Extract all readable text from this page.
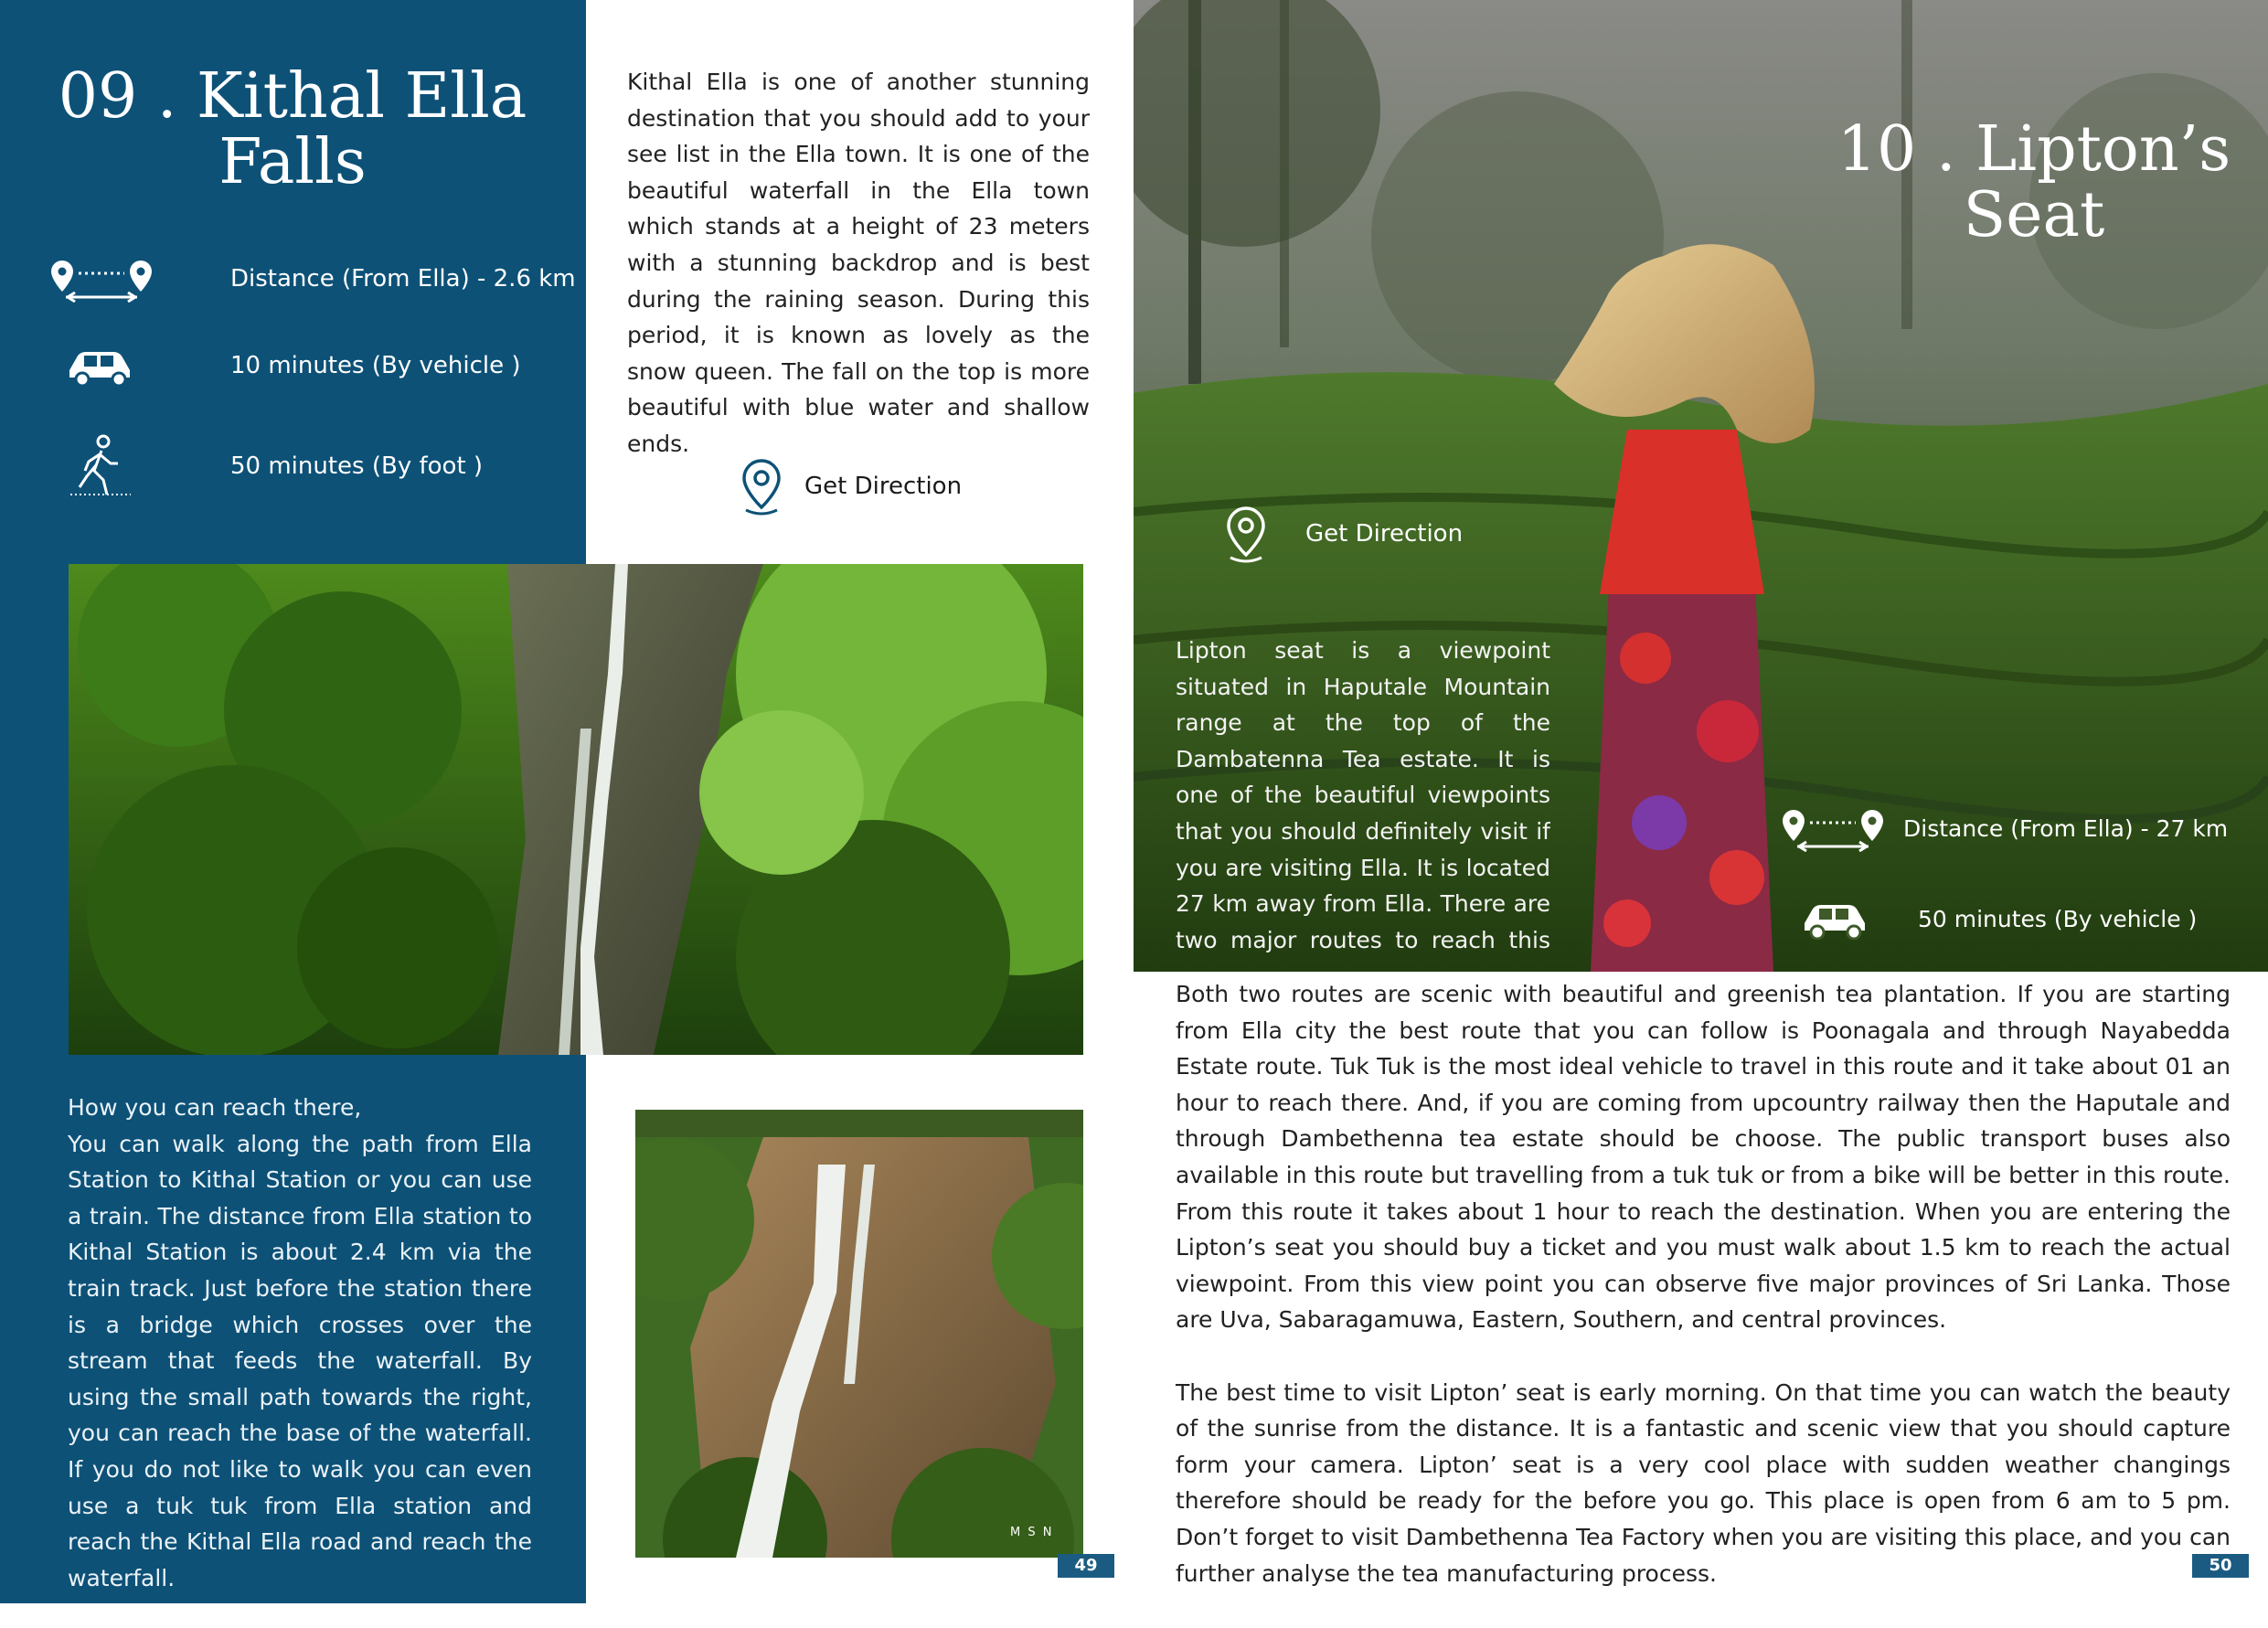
09 . Kithal Ella
Falls
Distance (From Ella) - 2.6 km
10 minutes (By vehicle )
50 minutes (By foot )
Kithal Ella is one of another stunning destination that you should add to your see list in the Ella town. It is one of the beautiful waterfall in the Ella town which stands at a height of 23 meters with a stunning backdrop and is best during the raining season. During this period, it is known as lovely as the snow queen. The fall on the top is more beautiful with blue water and shallow ends.
Get Direction
How you can reach there,
You can walk along the path from Ella Station to Kithal Station or you can use a train. The distance from Ella station to Kithal Station is about 2.4 km via the train track. Just before the station there is a bridge which crosses over the stream that feeds the waterfall. By using the small path towards the right, you can reach the base of the waterfall. If you do not like to walk you can even use a tuk tuk from Ella station and reach the Kithal Ella road and reach the waterfall.
M S N
49
10 . Lipton’s
Seat
Get Direction
Lipton seat is a viewpoint situated in Haputale Mountain range at the top of the Dambatenna Tea estate. It is one of the beautiful viewpoints that you should definitely visit if you are visiting Ella. It is located 27 km away from Ella. There are two major routes to reach this
Distance (From Ella) - 27 km
50 minutes (By vehicle )

Both two routes are scenic with beautiful and greenish tea plantation. If you are starting from Ella city the best route that you can follow is Poonagala and through Nayabedda Estate route. Tuk Tuk is the most ideal vehicle to travel in this route and it take about 01 an hour to reach there. And, if you are coming from upcountry railway then the Haputale and through Dambethenna tea estate should be choose. The public transport buses also available in this route but travelling from a tuk tuk or from a bike will be better in this route. From this route it takes about 1 hour to reach the destination. When you are entering the Lipton’s seat you should buy a ticket and you must walk about 1.5 km to reach the actual viewpoint. From this view point you can observe five major provinces of Sri Lanka. Those are Uva, Sabaragamuwa, Eastern, Southern, and central provinces.

The best time to visit Lipton’ seat is early morning. On that time you can watch the beauty of the sunrise from the distance. It is a fantastic and scenic view that you should capture form your camera. Lipton’ seat is a very cool place with sudden weather changings therefore should be ready for the before you go. This place is open from 6 am to 5 pm. Don’t forget to visit Dambethenna Tea Factory when you are visiting this place, and you can further analyse the tea manufacturing process.	50
